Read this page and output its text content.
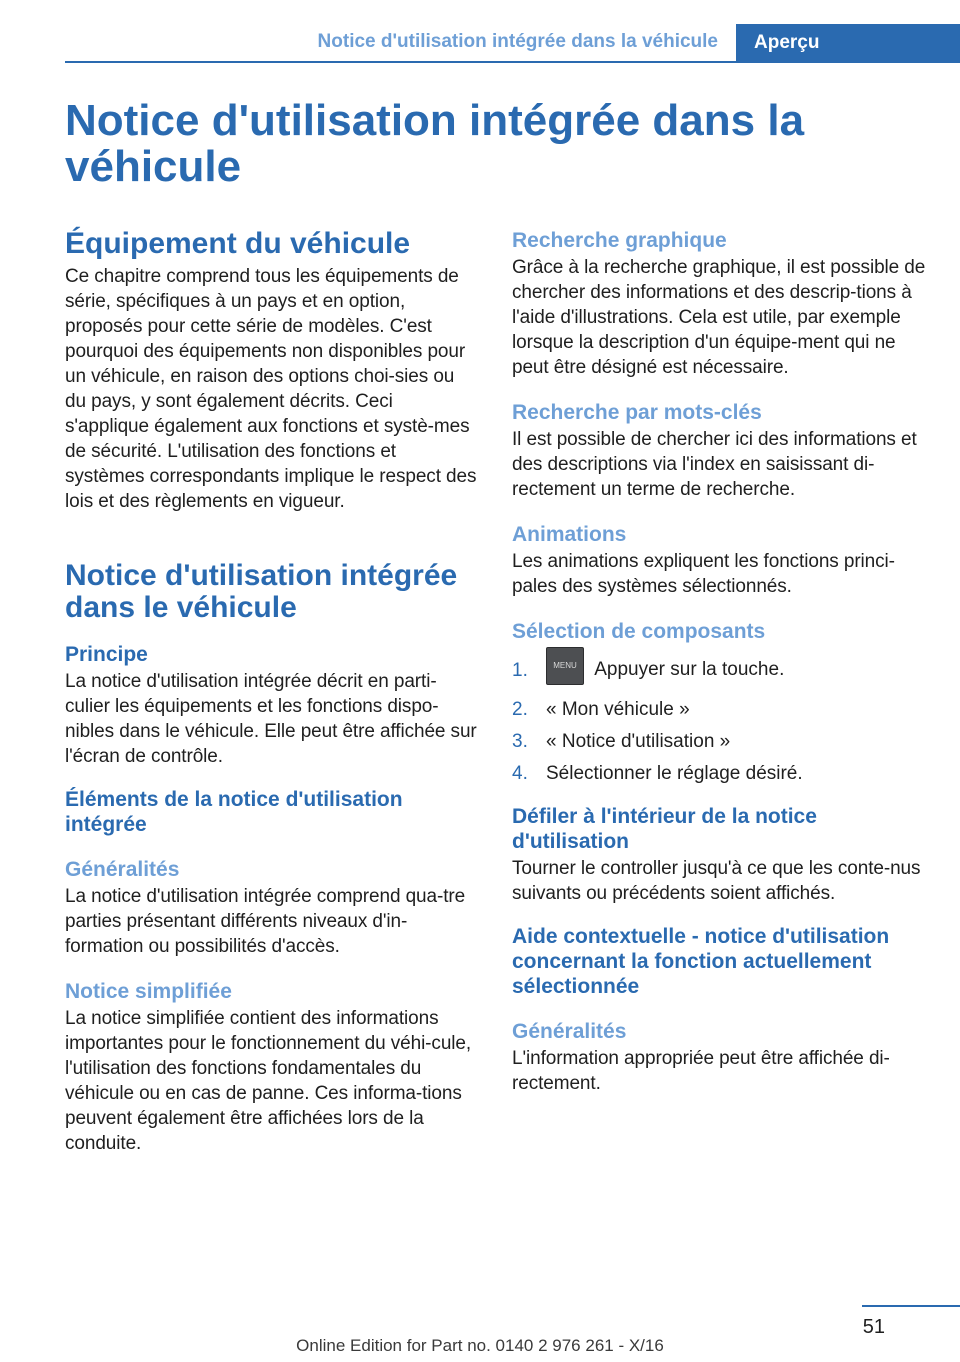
Notice d'utilisation intégrée dans la véhicule	Aperçu
Notice d'utilisation intégrée dans la véhicule
Équipement du véhicule

Ce chapitre comprend tous les équipements de série, spécifiques à un pays et en option, proposés pour cette série de modèles. C'est pourquoi des équipements non disponibles pour un véhicule, en raison des options choi-sies ou du pays, y sont également décrits. Ceci s'applique également aux fonctions et systè-mes de sécurité. L'utilisation des fonctions et systèmes correspondants implique le respect des lois et des règlements en vigueur.

Notice d'utilisation intégrée dans le véhicule
Principe

La notice d'utilisation intégrée décrit en parti-culier les équipements et les fonctions dispo-nibles dans le véhicule. Elle peut être affichée sur l'écran de contrôle.

Éléments de la notice d'utilisation intégrée
Généralités

La notice d'utilisation intégrée comprend qua-tre parties présentant différents niveaux d'in-formation ou possibilités d'accès.

Notice simplifiée

La notice simplifiée contient des informations importantes pour le fonctionnement du véhi-cule, l'utilisation des fonctions fondamentales du véhicule ou en cas de panne. Ces informa-tions peuvent également être affichées lors de la conduite.

Recherche graphique

Grâce à la recherche graphique, il est possible de chercher des informations et des descrip-tions à l'aide d'illustrations. Cela est utile, par exemple lorsque la description d'un équipe-ment qui ne peut être désigné est nécessaire.

Recherche par mots-clés

Il est possible de chercher ici des informations et des descriptions via l'index en saisissant di-rectement un terme de recherche.

Animations

Les animations expliquent les fonctions princi-pales des systèmes sélectionnés.

Sélection de composants
1.	MENU Appuyer sur la touche.
2. « Mon véhicule »
3. « Notice d'utilisation »
4. Sélectionner le réglage désiré.
Défiler à l'intérieur de la notice d'utilisation

Tourner le controller jusqu'à ce que les conte-nus suivants ou précédents soient affichés.

Aide contextuelle - notice d'utilisation concernant la fonction actuellement sélectionnée
Généralités

L'information appropriée peut être affichée di-rectement.

51
Online Edition for Part no. 0140 2 976 261 - X/16
